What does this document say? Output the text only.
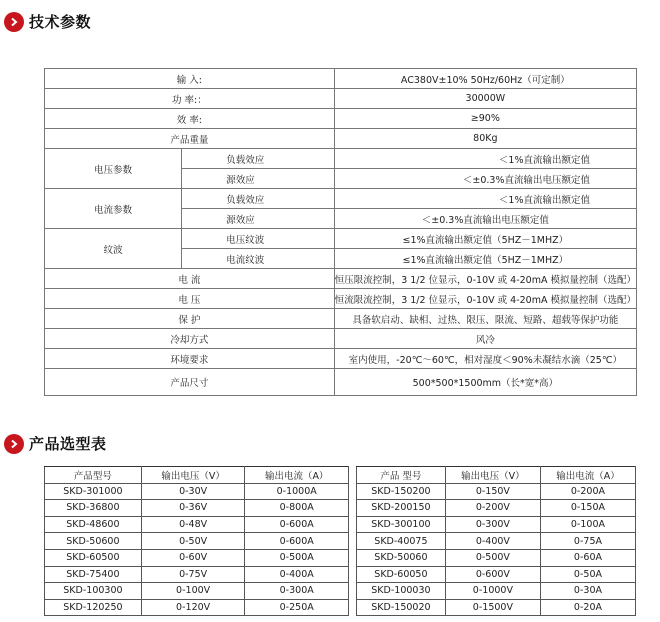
技术参数
输 入:		AC380V±10% 50Hz/60Hz（可定制）
功 率:：		30000W
效 率:		≥90%
产品重量		80Kg
电压参数	负载效应	＜1%直流输出额定值
	源效应	＜±0.3%直流输出电压额定值
电流参数	负载效应	＜1%直流输出额定值
	源效应	＜±0.3%直流输出电压额定值
纹波	电压纹波	≤1%直流输出额定值（5HZ－1MHZ）
	电流纹波	≤1%直流输出额定值（5HZ－1MHZ）
电 流		恒压限流控制，3 1/2 位显示，0-10V 或 4-20mA 模拟量控制（选配）
电 压		恒流限流控制，3 1/2 位显示，0-10V 或 4-20mA 模拟量控制（选配）
保 护		具备软启动、缺相、过热、限压、限流、短路、超载等保护功能
冷却方式		风冷
环境要求		室内使用，-20℃～60℃，相对湿度＜90%未凝结水滴（25℃）
产品尺寸		500*500*1500mm（长*宽*高）
产品选型表
产品型号	输出电压（V）	输出电流（A）
SKD-301000	0-30V	0-1000A
SKD-36800	0-36V	0-800A
SKD-48600	0-48V	0-600A
SKD-50600	0-50V	0-600A
SKD-60500	0-60V	0-500A
SKD-75400	0-75V	0-400A
SKD-100300	0-100V	0-300A
SKD-120250	0-120V	0-250A
产品 型号	输出电压（V）	输出电流（A）
SKD-150200	0-150V	0-200A
SKD-200150	0-200V	0-150A
SKD-300100	0-300V	0-100A
SKD-40075	0-400V	0-75A
SKD-50060	0-500V	0-60A
SKD-60050	0-600V	0-50A
SKD-100030	0-1000V	0-30A
SKD-150020	0-1500V	0-20A
